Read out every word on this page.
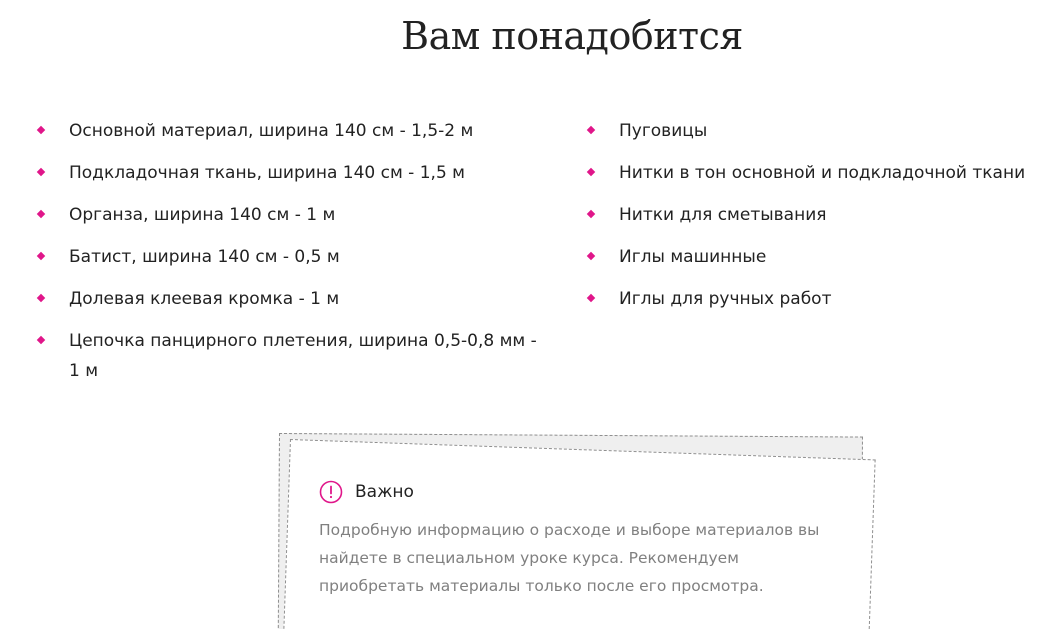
Вам понадобится
Основной материал, ширина 140 см - 1,5-2 м
Подкладочная ткань, ширина 140 см - 1,5 м
Органза, ширина 140 см - 1 м
Батист, ширина 140 см - 0,5 м
Долевая клеевая кромка - 1 м
Цепочка панцирного плетения, ширина 0,5-0,8 мм - 1 м
Пуговицы
Нитки в тон основной и подкладочной ткани
Нитки для сметывания
Иглы машинные
Иглы для ручных работ
Важно
Подробную информацию о расходе и выборе материалов вы найдете в специальном уроке курса. Рекомендуем приобретать материалы только после его просмотра.
